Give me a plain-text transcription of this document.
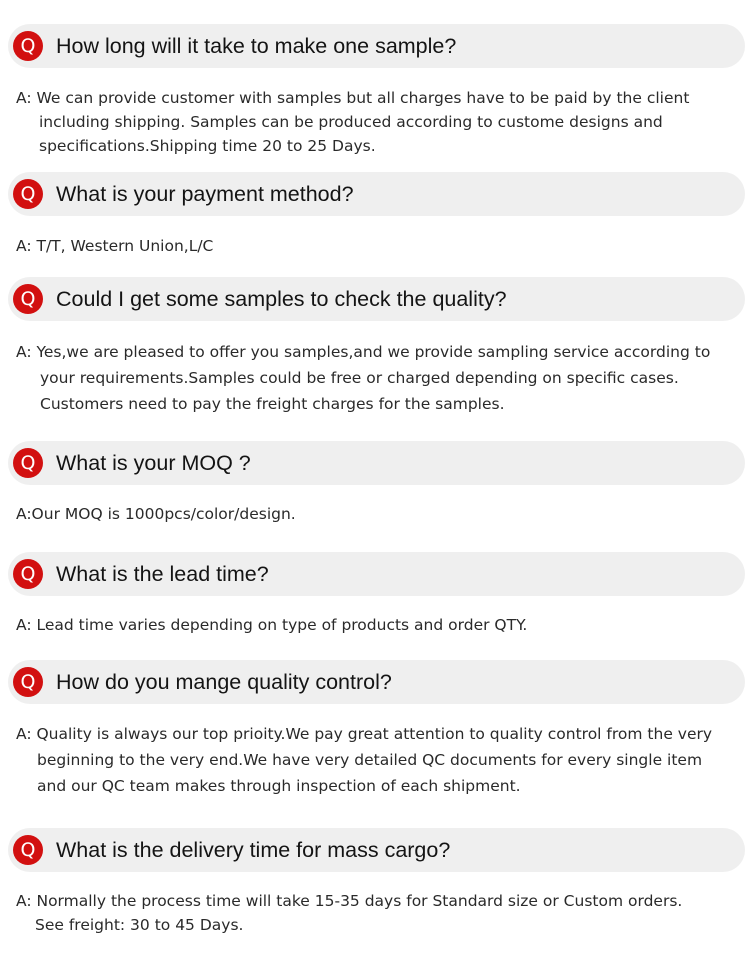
Q How long will it take to make one sample?
A: We can provide customer with samples but all charges have to be paid by the client
including shipping. Samples can be produced according to custome designs and
specifications.Shipping time 20 to 25 Days.
Q What is your payment method?
A: T/T, Western Union,L/C
Q Could I get some samples to check the quality?
A: Yes,we are pleased to offer you samples,and we provide sampling service according to
your requirements.Samples could be free or charged depending on specific cases.
Customers need to pay the freight charges for the samples.
Q What is your MOQ ?
A:Our MOQ is 1000pcs/color/design.
Q What is the lead time?
A: Lead time varies depending on type of products and order QTY.
Q How do you mange quality control?
A: Quality is always our top prioity.We pay great attention to quality control from the very
beginning to the very end.We have very detailed QC documents for every single item
and our QC team makes through inspection of each shipment.
Q What is the delivery time for mass cargo?
A: Normally the process time will take 15-35 days for Standard size or Custom orders.
See freight: 30 to 45 Days.
